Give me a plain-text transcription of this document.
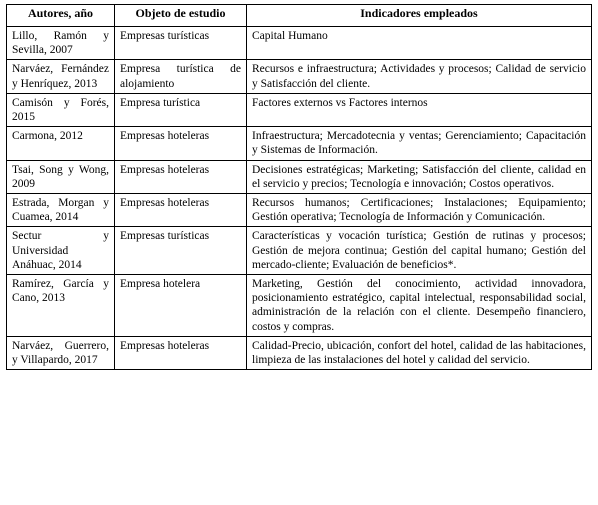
Autores, año	Objeto de estudio	Indicadores empleados
Lillo, Ramón y Sevilla, 2007	Empresas turísticas	Capital Humano
Narváez, Fernández y Henríquez, 2013	Empresa turística de alojamiento	Recursos e infraestructura; Actividades y procesos; Calidad de servicio y Satisfacción del cliente.
Camisón y Forés, 2015	Empresa turística	Factores externos vs Factores internos
Carmona, 2012	Empresas hoteleras	Infraestructura; Mercadotecnia y ventas; Gerenciamiento; Capacitación y Sistemas de Información.
Tsai, Song y Wong, 2009	Empresas hoteleras	Decisiones estratégicas; Marketing; Satisfacción del cliente, calidad en el servicio y precios; Tecnología e innovación; Costos operativos.
Estrada, Morgan y Cuamea, 2014	Empresas hoteleras	Recursos humanos; Certificaciones; Instalaciones; Equipamiento; Gestión operativa; Tecnología de Información y Comunicación.
Sectur y Universidad Anáhuac, 2014	Empresas turísticas	Características y vocación turística; Gestión de rutinas y procesos; Gestión de mejora continua; Gestión del capital humano; Gestión del mercado-cliente; Evaluación de beneficios*.
Ramírez, García y Cano, 2013	Empresa hotelera	Marketing, Gestión del conocimiento, actividad innovadora, posicionamiento estratégico, capital intelectual, responsabilidad social, administración de la relación con el cliente. Desempeño financiero, costos y compras.
Narváez, Guerrero, y Villapardo, 2017	Empresas hoteleras	Calidad-Precio, ubicación, confort del hotel, calidad de las habitaciones, limpieza de las instalaciones del hotel y calidad del servicio.
